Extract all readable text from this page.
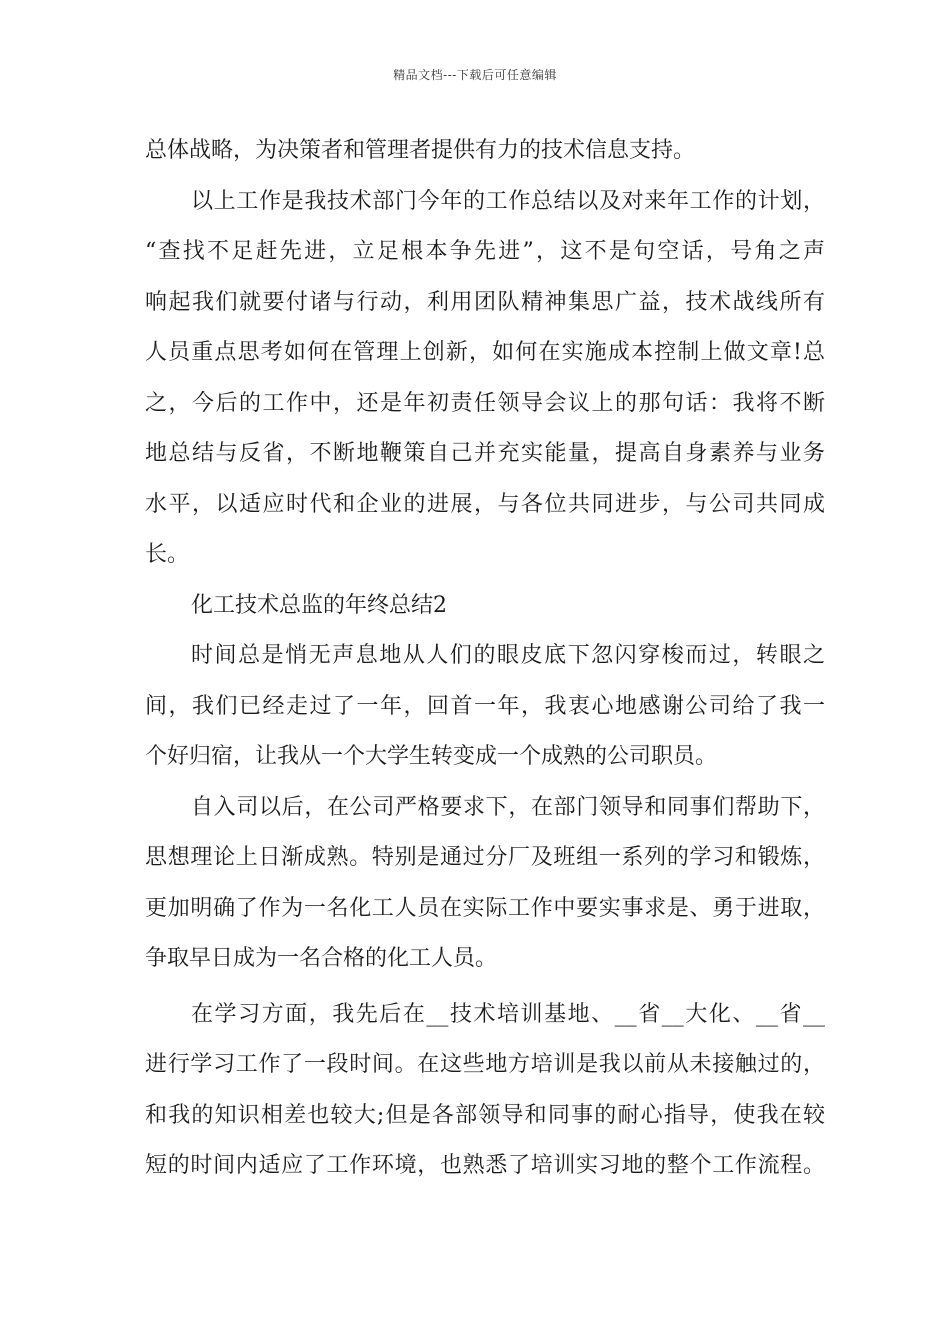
精品文档---下载后可任意编辑
总体战略，为决策者和管理者提供有力的技术信息支持。
以上工作是我技术部门今年的工作总结以及对来年工作的计划，
“查找不足赶先进，立足根本争先进”，这不是句空话，号角之声
响起我们就要付诸与行动，利用团队精神集思广益，技术战线所有
人员重点思考如何在管理上创新，如何在实施成本控制上做文章!总
之，今后的工作中，还是年初责任领导会议上的那句话：我将不断
地总结与反省，不断地鞭策自己并充实能量，提高自身素养与业务
水平，以适应时代和企业的进展，与各位共同进步，与公司共同成
长。
化工技术总监的年终总结2
时间总是悄无声息地从人们的眼皮底下忽闪穿梭而过，转眼之
间，我们已经走过了一年，回首一年，我衷心地感谢公司给了我一
个好归宿，让我从一个大学生转变成一个成熟的公司职员。
自入司以后，在公司严格要求下，在部门领导和同事们帮助下，
思想理论上日渐成熟。特别是通过分厂及班组一系列的学习和锻炼，
更加明确了作为一名化工人员在实际工作中要实事求是、勇于进取，
争取早日成为一名合格的化工人员。
在学习方面，我先后在__技术培训基地、__省__大化、__省__
进行学习工作了一段时间。在这些地方培训是我以前从未接触过的，
和我的知识相差也较大;但是各部领导和同事的耐心指导，使我在较
短的时间内适应了工作环境，也熟悉了培训实习地的整个工作流程。
